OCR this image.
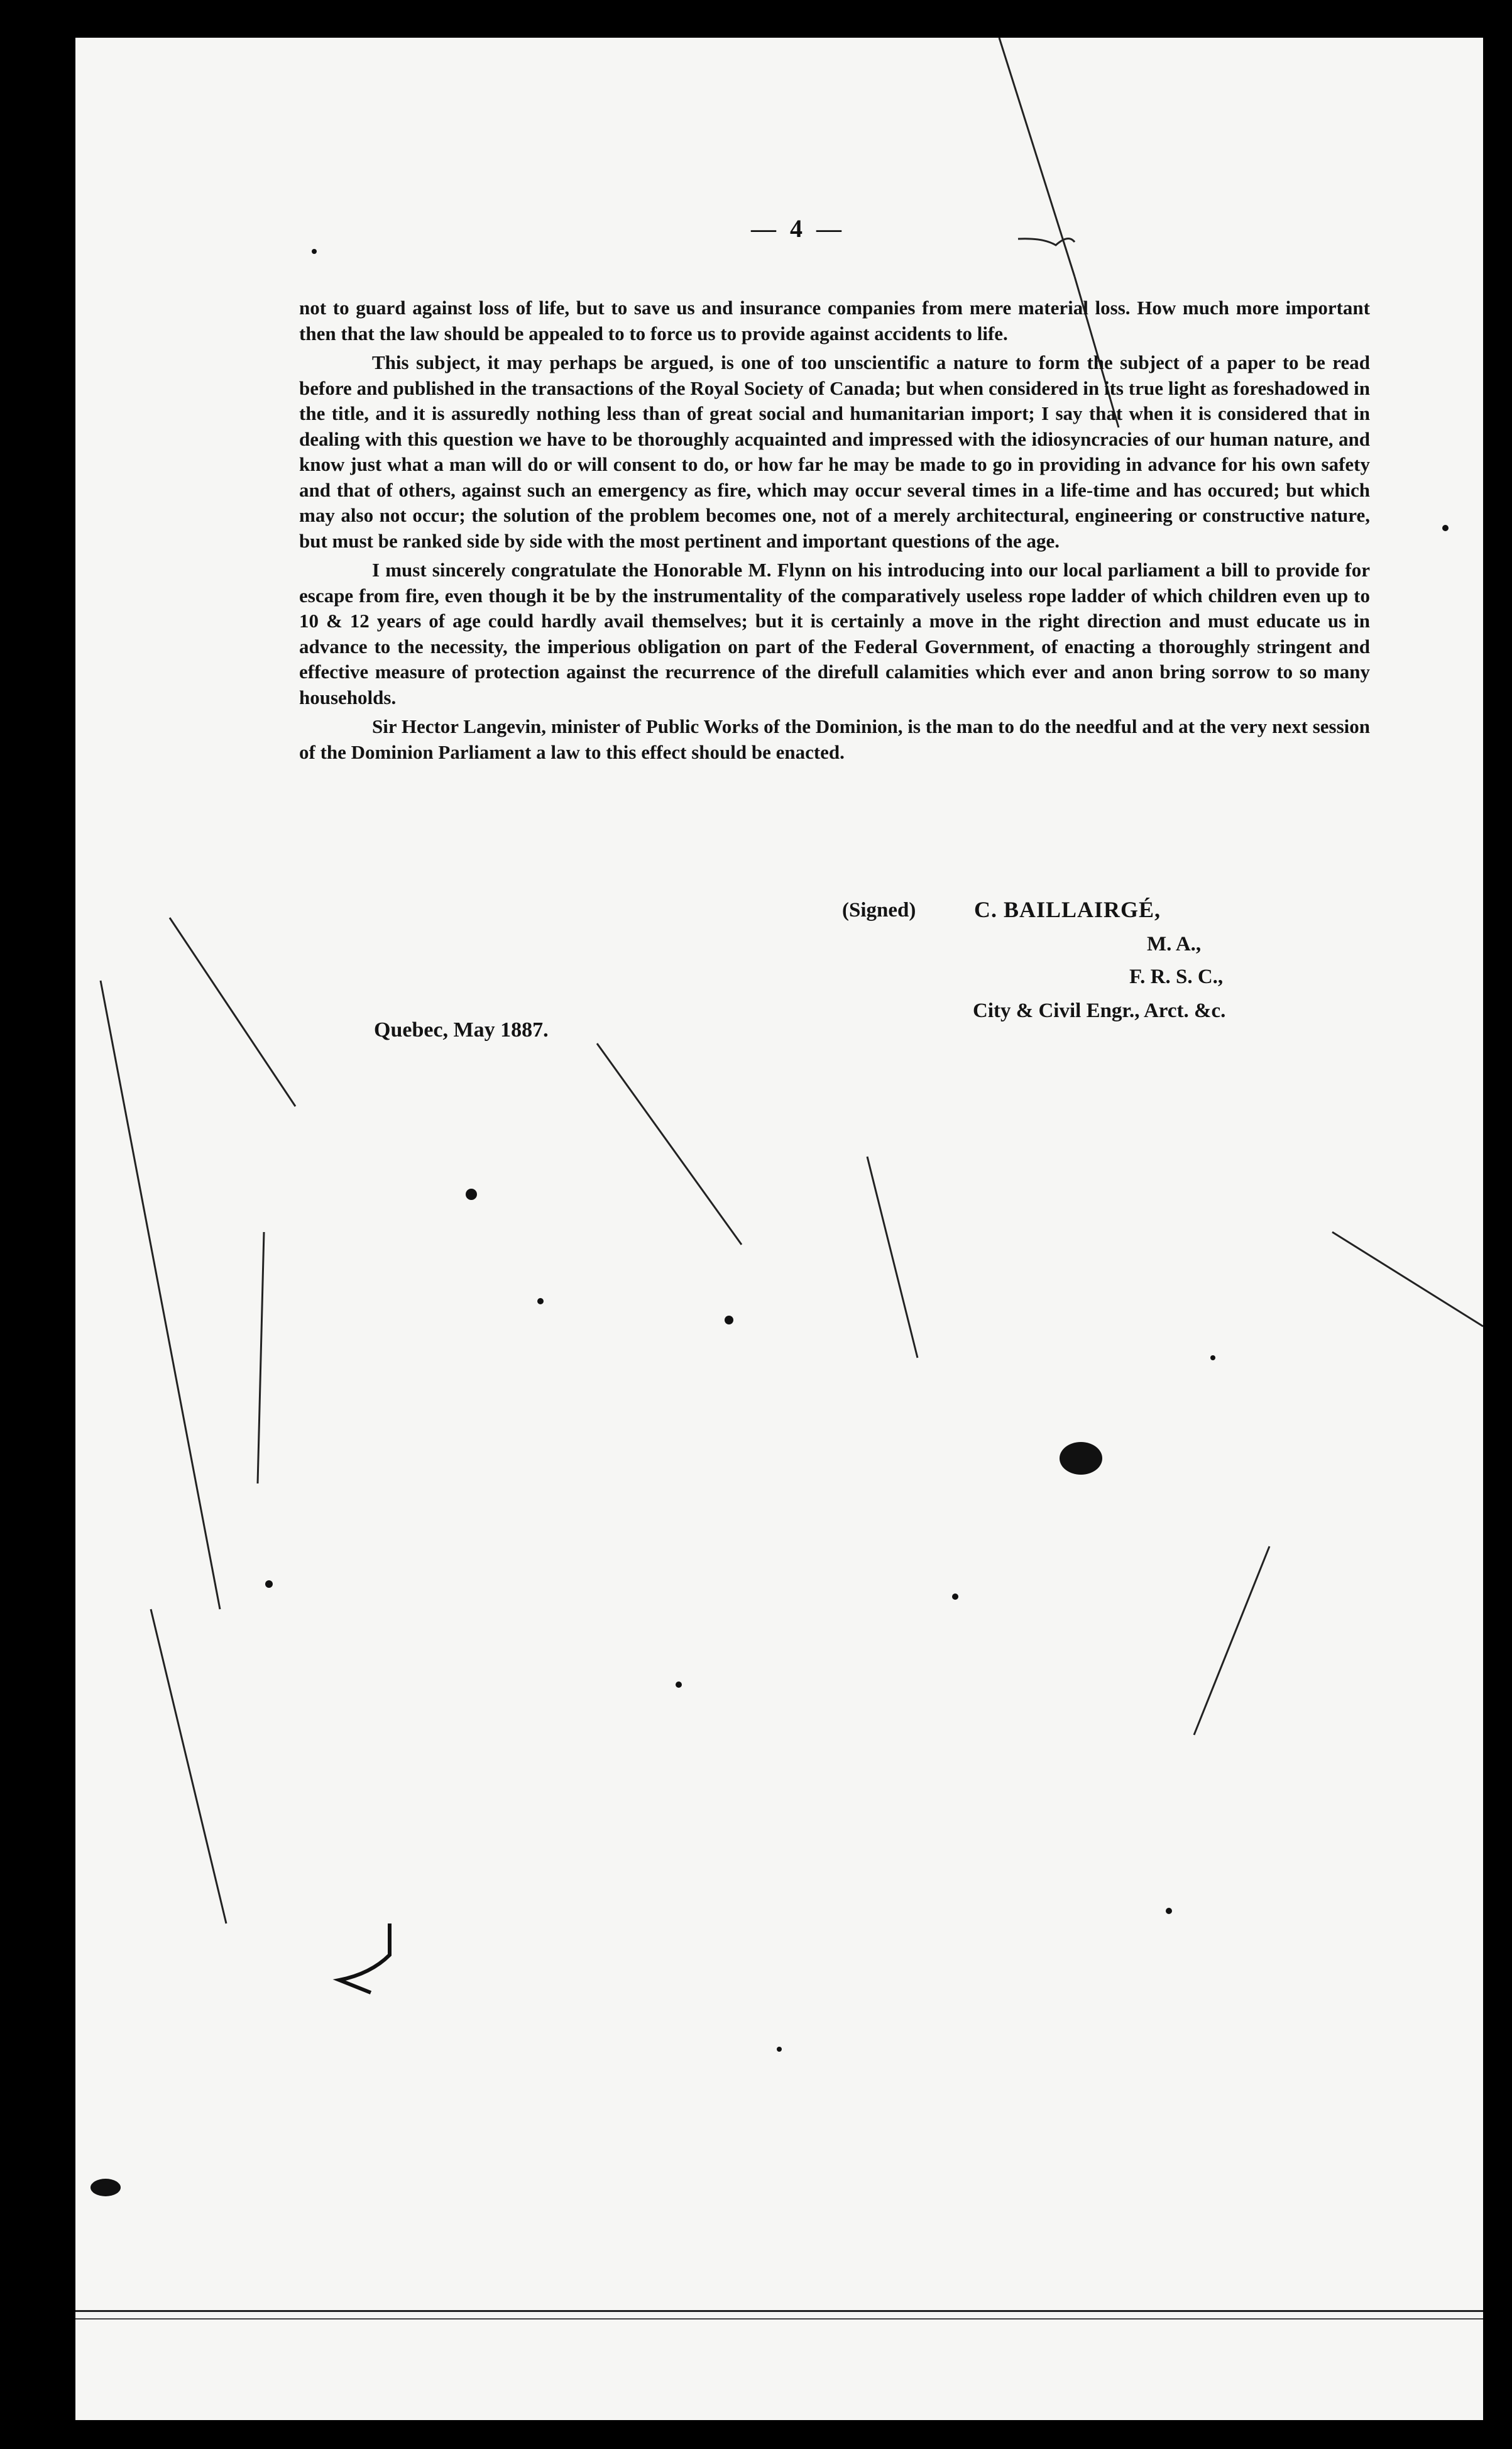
— 4 —

not to guard against loss of life, but to save us and insurance companies from mere material loss. How much more important then that the law should be appealed to to force us to provide against accidents to life.

This subject, it may perhaps be argued, is one of too unscientific a nature to form the subject of a paper to be read before and published in the transactions of the Royal Society of Canada; but when considered in its true light as foreshadowed in the title, and it is assuredly nothing less than of great social and humanitarian import; I say that when it is considered that in dealing with this question we have to be thoroughly acquainted and impressed with the idiosyncracies of our human nature, and know just what a man will do or will consent to do, or how far he may be made to go in providing in advance for his own safety and that of others, against such an emergency as fire, which may occur several times in a life-time and has occured; but which may also not occur; the solution of the problem becomes one, not of a merely architectural, engineering or constructive nature, but must be ranked side by side with the most pertinent and important questions of the age.

I must sincerely congratulate the Honorable M. Flynn on his introducing into our local parliament a bill to provide for escape from fire, even though it be by the instrumentality of the comparatively useless rope ladder of which children even up to 10 & 12 years of age could hardly avail themselves; but it is certainly a move in the right direction and must educate us in advance to the necessity, the imperious obligation on part of the Federal Government, of enacting a thoroughly stringent and effective measure of protection against the recurrence of the direfull calamities which ever and anon bring sorrow to so many households.

Sir Hector Langevin, minister of Public Works of the Dominion, is the man to do the needful and at the very next session of the Dominion Parliament a law to this effect should be enacted.

(Signed)	C. BAILLAIRGÉ,
M. A.,
F. R. S. C.,
City & Civil Engr., Arct. &c.
Quebec, May 1887.
